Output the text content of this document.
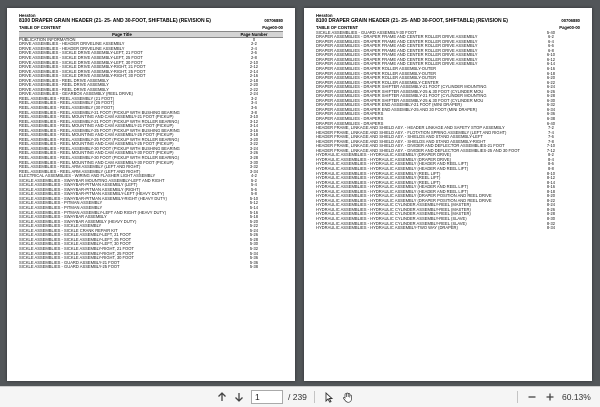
Hesston
8100 DRAPER GRAIN HEADER (21- 25- AND 30-FOOT, SHIFTABLE) (REVISION E)	00706880
TABLE OF CONTENT	Page00-00
Page Title	Page Number
PUBLICATION INFORMATION	0
DRIVE ASSEMBLIES - HEADER DRIVELINE ASSEMBLY	2-2
DRIVE ASSEMBLIES - HEADER DRIVELINE ASSEMBLY	2-4
DRIVE ASSEMBLIES - SICKLE DRIVE ASSEMBLY-LEFT, 21 FOOT	2-6
DRIVE ASSEMBLIES - SICKLE DRIVE ASSEMBLY-LEFT, 25 FOOT	2-8
DRIVE ASSEMBLIES - SICKLE DRIVE ASSEMBLY-LEFT, 30 FOOT	2-10
DRIVE ASSEMBLIES - SICKLE DRIVE ASSEMBLY-RIGHT, 21 FOOT	2-12
DRIVE ASSEMBLIES - SICKLE DRIVE ASSEMBLY-RIGHT, 25 FOOT	2-14
DRIVE ASSEMBLIES - SICKLE DRIVE ASSEMBLY-RIGHT, 30 FOOT	2-16
DRIVE ASSEMBLIES - REEL DRIVE ASSEMBLY	2-18
DRIVE ASSEMBLIES - REEL DRIVE ASSEMBLY	2-20
DRIVE ASSEMBLIES - REEL DRIVE ASSEMBLY	2-22
DRIVE ASSEMBLIES - GEARBOX ASSEMBLY (REEL DRIVE)	2-24
REEL ASSEMBLIES - REEL ASSEMBLY (21 FOOT)	3-2
REEL ASSEMBLIES - REEL ASSEMBLY (25 FOOT)	3-4
REEL ASSEMBLIES - REEL ASSEMBLY (30 FOOT)	3-6
REEL ASSEMBLIES - REEL ASSEMBLY-21 FOOT (PICKUP WITH BUSHING BEARING	3-8
REEL ASSEMBLIES - REEL MOUNTING AND CAM ASSEMBLY-21 FOOT (PICKUP)	3-10
REEL ASSEMBLIES - REEL ASSEMBLY-21 FOOT (PICKUP WITH ROLLER BEARING)	3-12
REEL ASSEMBLIES - REEL MOUNTING AND CAM ASSEMBLY-21 FOOT (PICKUP)	3-14
REEL ASSEMBLIES - REEL ASSEMBLY-25 FOOT (PICKUP WITH BUSHING BEARING	3-16
REEL ASSEMBLIES - REEL MOUNTING AND CAM ASSEMBLY-25 FOOT (PICKUP)	3-18
REEL ASSEMBLIES - REEL ASSEMBLY-25 FOOT (PICKUP WITH ROLLER BEARING)	3-20
REEL ASSEMBLIES - REEL MOUNTING AND CAM ASSEMBLY-25 FOOT (PICKUP)	3-22
REEL ASSEMBLIES - REEL ASSEMBLY-30 FOOT (PICKUP WITH BUSHING BEARING	3-24
REEL ASSEMBLIES - REEL MOUNTING AND CAM ASSEMBLY-30 FOOT (PICKUP)	3-26
REEL ASSEMBLIES - REEL ASSEMBLY-30 FOOT (PICKUP WITH ROLLER BEARING)	3-28
REEL ASSEMBLIES - REEL MOUNTING AND CAM ASSEMBLY-30 FOOT (PICKUP)	3-30
REEL ASSEMBLIES - REEL ARM ASSEMBLY (LEFT AND RIGHT)	3-32
REEL ASSEMBLIES - REEL ARM ASSEMBLY (LEFT AND RIGHT)	3-34
ELECTRICAL ASSEMBLIES - WIRING AND FLASHER LIGHT ASSEMBLY	4-2
SICKLE ASSEMBLIES - SWAYBAR MOUNTING ASSEMBLY-LEFT AND RIGHT	5-2
SICKLE ASSEMBLIES - SWAYBAR-PITMAN ASSEMBLY (LEFT)	5-4
SICKLE ASSEMBLIES - SWAYBAR-PITMAN ASSEMBLY (RIGHT)	5-6
SICKLE ASSEMBLIES - SWAYBAR-PITMAN ASSEMBLY-LEFT (HEAVY DUTY)	5-8
SICKLE ASSEMBLIES - SWAYBAR-PITMAN ASSEMBLY-RIGHT (HEAVY DUTY)	5-10
SICKLE ASSEMBLIES - PITMAN ASSEMBLY	5-12
SICKLE ASSEMBLIES - PITMAN ASSEMBLY	5-14
SICKLE ASSEMBLIES - PITMAN ASSEMBLY-LEFT AND RIGHT (HEAVY DUTY)	5-16
SICKLE ASSEMBLIES - SWAYBAR ASSEMBLY	5-18
SICKLE ASSEMBLIES - SWAYBAR ASSEMBLY (HEAVY DUTY)	5-20
SICKLE ASSEMBLIES - SICKLE ASSEMBLY	5-22
SICKLE ASSEMBLIES - SICKLE CRANK REPAIR KIT	5-24
SICKLE ASSEMBLIES - SICKLE ASSEMBLY-LEFT, 21 FOOT	5-26
SICKLE ASSEMBLIES - SICKLE ASSEMBLY-LEFT, 25 FOOT	5-28
SICKLE ASSEMBLIES - SICKLE ASSEMBLY-LEFT, 30 FOOT	5-30
SICKLE ASSEMBLIES - SICKLE ASSEMBLY-RIGHT, 21 FOOT	5-32
SICKLE ASSEMBLIES - SICKLE ASSEMBLY-RIGHT, 25 FOOT	5-34
SICKLE ASSEMBLIES - SICKLE ASSEMBLY-RIGHT, 30 FOOT	5-36
SICKLE ASSEMBLIES - GUARD ASSEMBLY-21 FOOT	5-36
SICKLE ASSEMBLIES - GUARD ASSEMBLY-25 FOOT	5-38
Hesston
8100 DRAPER GRAIN HEADER (21- 25- AND 30-FOOT, SHIFTABLE) (REVISION E)	00706880
TABLE OF CONTENT	Page00-00
SICKLE ASSEMBLIES - GUARD ASSEMBLY-30 FOOT	5-40
DRAPER ASSEMBLIES - DRAPER FRAME AND CENTER ROLLER DRIVE ASSEMBLY	6-2
DRAPER ASSEMBLIES - DRAPER FRAME AND CENTER ROLLER DRIVE ASSEMBLY	6-4
DRAPER ASSEMBLIES - DRAPER FRAME AND CENTER ROLLER DRIVE ASSEMBLY	6-6
DRAPER ASSEMBLIES - DRAPER FRAME AND CENTER ROLLER DRIVE ASSEMBLY	6-8
DRAPER ASSEMBLIES - DRAPER FRAME AND CENTER ROLLER DRIVE ASSEMBLY	6-10
DRAPER ASSEMBLIES - DRAPER FRAME AND CENTER ROLLER DRIVE ASSEMBLY	6-12
DRAPER ASSEMBLIES - DRAPER FRAME AND CENTER ROLLER DRIVE ASSEMBLY	6-14
DRAPER ASSEMBLIES - DRAPER ROLLER ASSEMBLY-OUTER	6-16
DRAPER ASSEMBLIES - DRAPER ROLLER ASSEMBLY-OUTER	6-18
DRAPER ASSEMBLIES - DRAPER ROLLER ASSEMBLY-OUTER	6-20
DRAPER ASSEMBLIES - DRAPER ROLLER ASSEMBLY-CENTER	6-22
DRAPER ASSEMBLIES - DRAPER SHIFTER ASSEMBLY-21 FOOT (CYLINDER MOUNTING	6-24
DRAPER ASSEMBLIES - DRAPER SHIFTER ASSEMBLY-25 & 30 FOOT (CYLINDER MOU	6-26
DRAPER ASSEMBLIES - DRAPER SHIFTER ASSEMBLY-21 FOOT (CYLINDER MOUNTING	6-28
DRAPER ASSEMBLIES - DRAPER SHIFTER ASSEMBLY-25 & 30 FOOT (CYLINDER MOU	6-30
DRAPER ASSEMBLIES - DRAPER END ASSEMBLY-21 FOOT (MINI DRAPER)	6-32
DRAPER ASSEMBLIES - DRAPER END ASSEMBLY-25 AND 30 FOOT (MINI DRAPER)	6-34
DRAPER ASSEMBLIES - DRAPERS	6-36
DRAPER ASSEMBLIES - DRAPERS	6-38
DRAPER ASSEMBLIES - DRAPERS	6-40
HEADER FRAME, LINKAGE AND SHIELD ASY. - HEADER LINKAGE AND SAFETY STOP ASSEMBLY	7-2
HEADER FRAME, LINKAGE AND SHIELD ASY. - FLOTATION SPRING ASSEMBLY (LEFT AND RIGHT)	7-4
HEADER FRAME, LINKAGE AND SHIELD ASY. - SHIELDS AND STAND ASSEMBLY-LEFT	7-6
HEADER FRAME, LINKAGE AND SHIELD ASY. - SHIELDS AND STAND ASSEMBLY-RIGHT	7-8
HEADER FRAME, LINKAGE AND SHIELD ASY. - DIVIDER AND DEFLECTOR ASSEMBLIES-21 FOOT	7-10
HEADER FRAME, LINKAGE AND SHIELD ASY. - DIVIDER AND DEFLECTOR ASSEMBLIES-25 AND 30 FOOT	7-12
HYDRAULIC ASSEMBLIES - HYDRAULIC ASSEMBLY (DRAPER DRIVE)	8-2
HYDRAULIC ASSEMBLIES - HYDRAULIC ASSEMBLY (DRAPER DRIVE)	8-4
HYDRAULIC ASSEMBLIES - HYDRAULIC ASSEMBLY (HEADER AND REEL LIFT)	8-6
HYDRAULIC ASSEMBLIES - HYDRAULIC ASSEMBLY (HEADER AND REEL LIFT)	8-8
HYDRAULIC ASSEMBLIES - HYDRAULIC ASSEMBLY (REEL LIFT)	8-10
HYDRAULIC ASSEMBLIES - HYDRAULIC ASSEMBLY (REEL LIFT)	8-12
HYDRAULIC ASSEMBLIES - HYDRAULIC ASSEMBLY (REEL LIFT)	8-14
HYDRAULIC ASSEMBLIES - HYDRAULIC ASSEMBLY (HEADER AND REEL LIFT)	8-16
HYDRAULIC ASSEMBLIES - HYDRAULIC ASSEMBLY (HEADER AND REEL LIFT)	8-18
HYDRAULIC ASSEMBLIES - HYDRAULIC ASSEMBLY (DRAPER POSITION AND REEL DRIVE	8-20
HYDRAULIC ASSEMBLIES - HYDRAULIC ASSEMBLY (DRAPER POSITION AND REEL DRIVE	8-22
HYDRAULIC ASSEMBLIES - HYDRAULIC CYLINDER ASSEMBLY-REEL (MASTER)	8-24
HYDRAULIC ASSEMBLIES - HYDRAULIC CYLINDER ASSEMBLY-REEL (MASTER)	8-26
HYDRAULIC ASSEMBLIES - HYDRAULIC CYLINDER ASSEMBLY-REEL (MASTER)	8-28
HYDRAULIC ASSEMBLIES - HYDRAULIC CYLINDER ASSEMBLY-REEL (SLAVE)	8-30
HYDRAULIC ASSEMBLIES - HYDRAULIC CYLINDER ASSEMBLY-REEL (SLAVE)	8-32
HYDRAULIC ASSEMBLIES - HYDRAULIC ASSEMBLY-TWO WAY (DRAPER)	8-34
1
/ 239	60.13%
